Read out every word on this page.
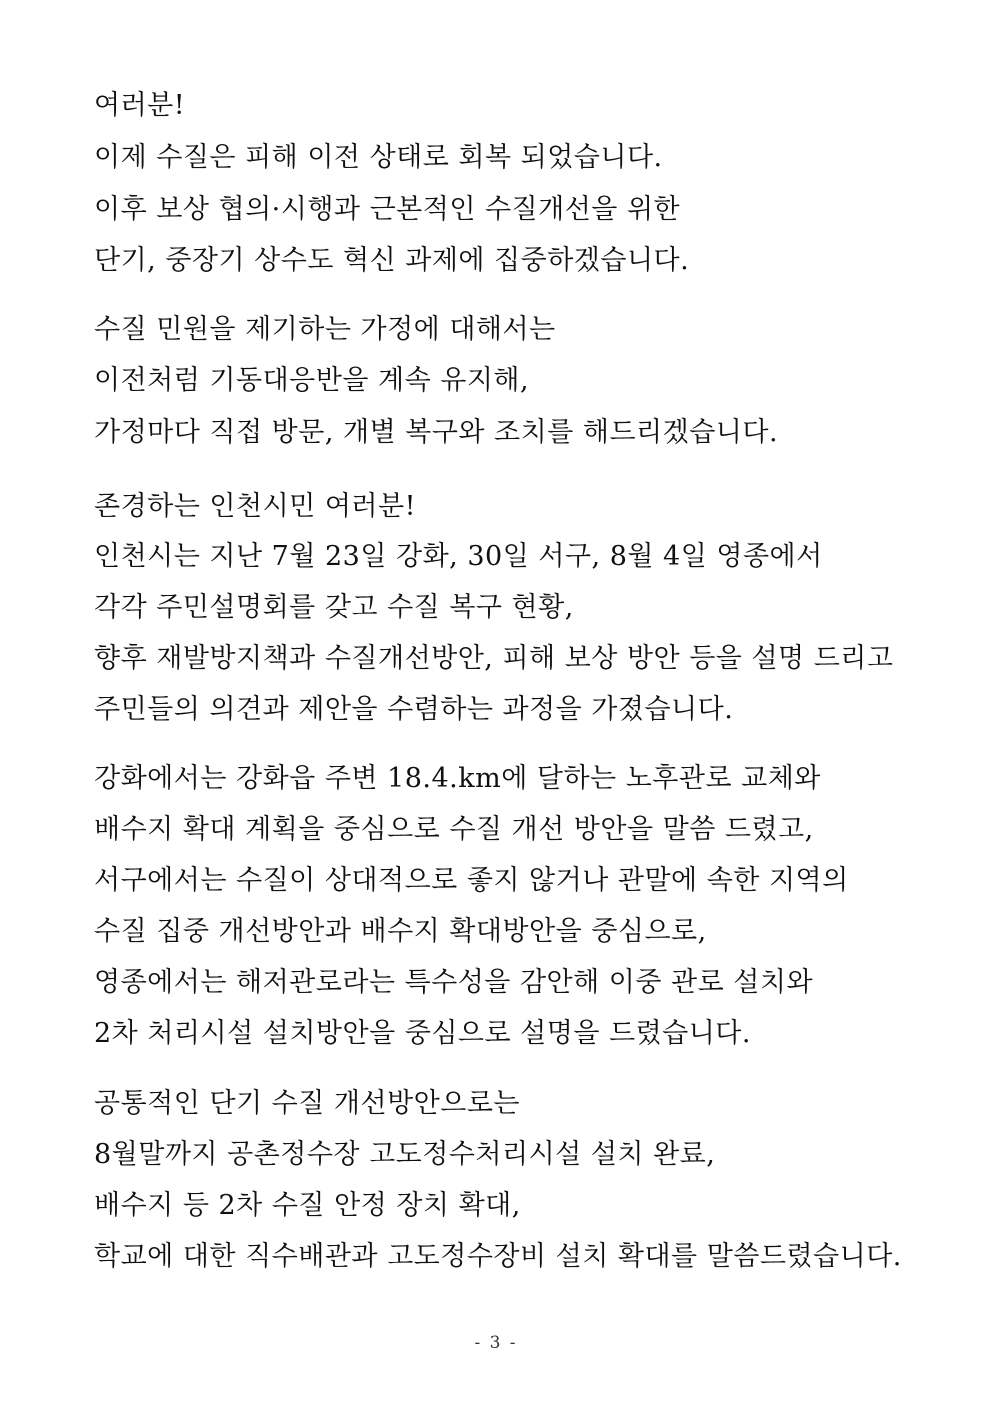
여러분!
이제 수질은 피해 이전 상태로 회복 되었습니다.
이후 보상 협의·시행과 근본적인 수질개선을 위한
단기, 중장기 상수도 혁신 과제에 집중하겠습니다.
수질 민원을 제기하는 가정에 대해서는
이전처럼 기동대응반을 계속 유지해,
가정마다 직접 방문, 개별 복구와 조치를 해드리겠습니다.
존경하는 인천시민 여러분!
인천시는 지난 7월 23일 강화, 30일 서구, 8월 4일 영종에서
각각 주민설명회를 갖고 수질 복구 현황,
향후 재발방지책과 수질개선방안, 피해 보상 방안 등을 설명 드리고
주민들의 의견과 제안을 수렴하는 과정을 가졌습니다.
강화에서는 강화읍 주변 18.4.km에 달하는 노후관로 교체와
배수지 확대 계획을 중심으로 수질 개선 방안을 말씀 드렸고,
서구에서는 수질이 상대적으로 좋지 않거나 관말에 속한 지역의
수질 집중 개선방안과 배수지 확대방안을 중심으로,
영종에서는 해저관로라는 특수성을 감안해 이중 관로 설치와
2차 처리시설 설치방안을 중심으로 설명을 드렸습니다.
공통적인 단기 수질 개선방안으로는
8월말까지 공촌정수장 고도정수처리시설 설치 완료,
배수지 등 2차 수질 안정 장치 확대,
학교에 대한 직수배관과 고도정수장비 설치 확대를 말씀드렸습니다.
- 3 -
